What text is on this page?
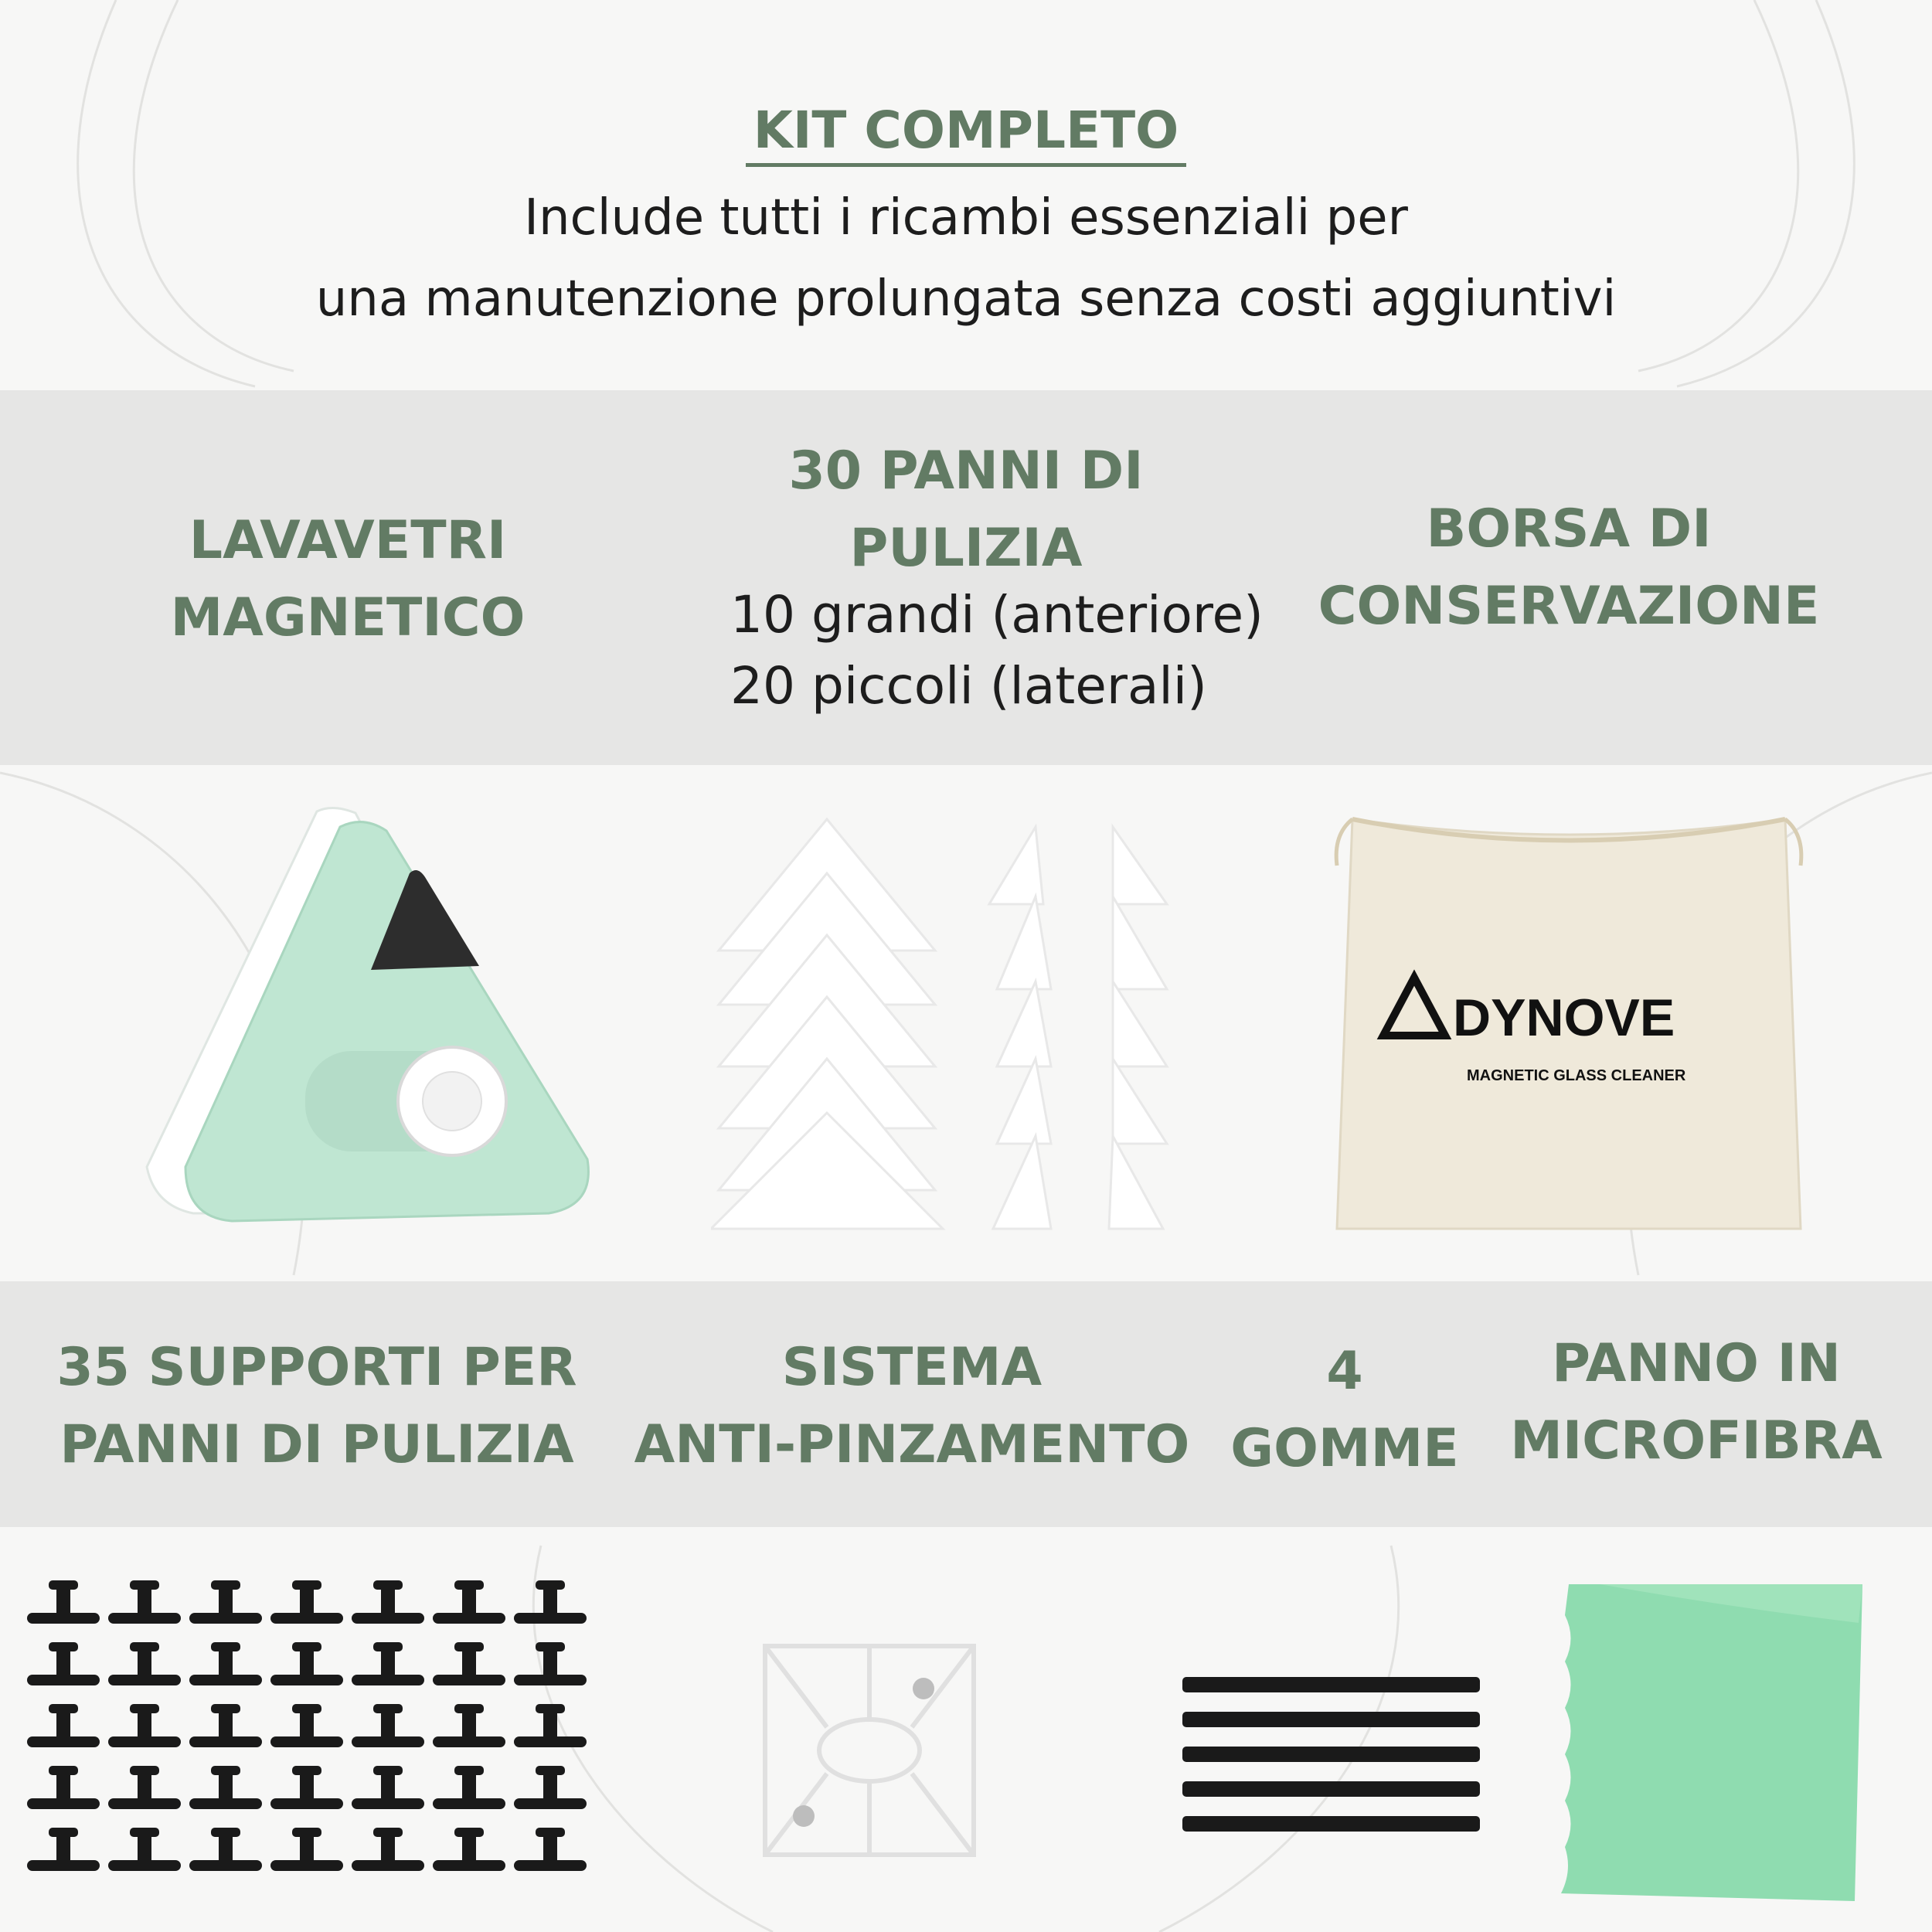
KIT COMPLETO
Include tutti i ricambi essenziali per
una manutenzione prolungata senza costi aggiuntivi
LAVAVETRI
MAGNETICO
30 PANNI DI
PULIZIA
10 grandi (anteriore)
20 piccoli (laterali)
BORSA DI
CONSERVAZIONE
DYNOVE
MAGNETIC GLASS CLEANER
35 SUPPORTI PER
PANNI DI PULIZIA
SISTEMA
ANTI-PINZAMENTO
4
GOMME
PANNO IN
MICROFIBRA
